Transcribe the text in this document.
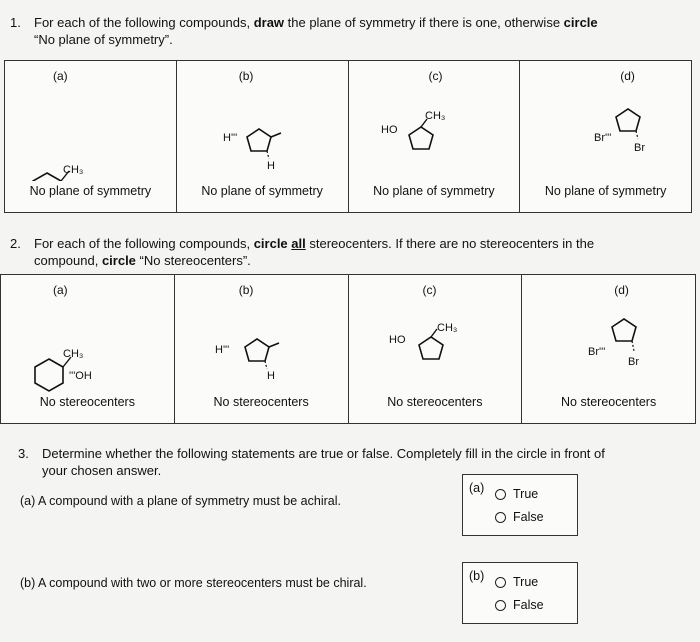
1. For each of the following compounds, draw the plane of symmetry if there is one, otherwise circle
“No plane of symmetry”.
(a)
CH₃
No plane of symmetry
(b)
H'''
H
No plane of symmetry
(c)
HO
CH₃
No plane of symmetry
(d)
Br'''
Br
No plane of symmetry
2. For each of the following compounds, circle all stereocenters. If there are no stereocenters in the
compound, circle “No stereocenters”.
(a)
CH₃
'''OH
No stereocenters
(b)
H'''
H
No stereocenters
(c)
HO
CH₃
No stereocenters
(d)
Br'''
Br
No stereocenters
3. Determine whether the following statements are true or false. Completely fill in the circle in front of
your chosen answer.
(a) A compound with a plane of symmetry must be achiral.
(a) True
False
(b) A compound with two or more stereocenters must be chiral.	(b) True
False
